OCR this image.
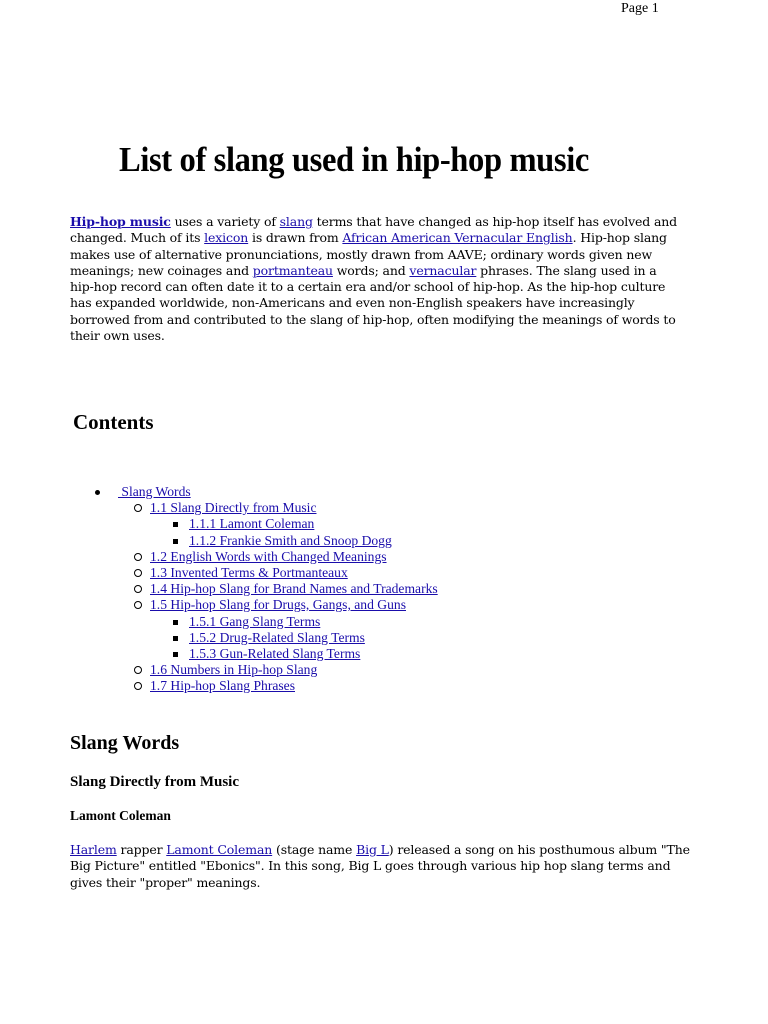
Page 1
List of slang used in hip-hop music

Hip-hop music uses a variety of slang terms that have changed as hip-hop itself has evolved and changed. Much of its lexicon is drawn from African American Vernacular English. Hip-hop slang makes use of alternative pronunciations, mostly drawn from AAVE; ordinary words given new meanings; new coinages and portmanteau words; and vernacular phrases. The slang used in a hip-hop record can often date it to a certain era and/or school of hip-hop. As the hip-hop culture has expanded worldwide, non-Americans and even non-English speakers have increasingly borrowed from and contributed to the slang of hip-hop, often modifying the meanings of words to their own uses.

Contents
Slang Words
1.1 Slang Directly from Music
1.1.1 Lamont Coleman
1.1.2 Frankie Smith and Snoop Dogg
1.2 English Words with Changed Meanings
1.3 Invented Terms & Portmanteaux
1.4 Hip-hop Slang for Brand Names and Trademarks
1.5 Hip-hop Slang for Drugs, Gangs, and Guns
1.5.1 Gang Slang Terms
1.5.2 Drug-Related Slang Terms
1.5.3 Gun-Related Slang Terms
1.6 Numbers in Hip-hop Slang
1.7 Hip-hop Slang Phrases
Slang Words
Slang Directly from Music
Lamont Coleman

Harlem rapper Lamont Coleman (stage name Big L) released a song on his posthumous album "The Big Picture" entitled "Ebonics". In this song, Big L goes through various hip hop slang terms and gives their "proper" meanings.
